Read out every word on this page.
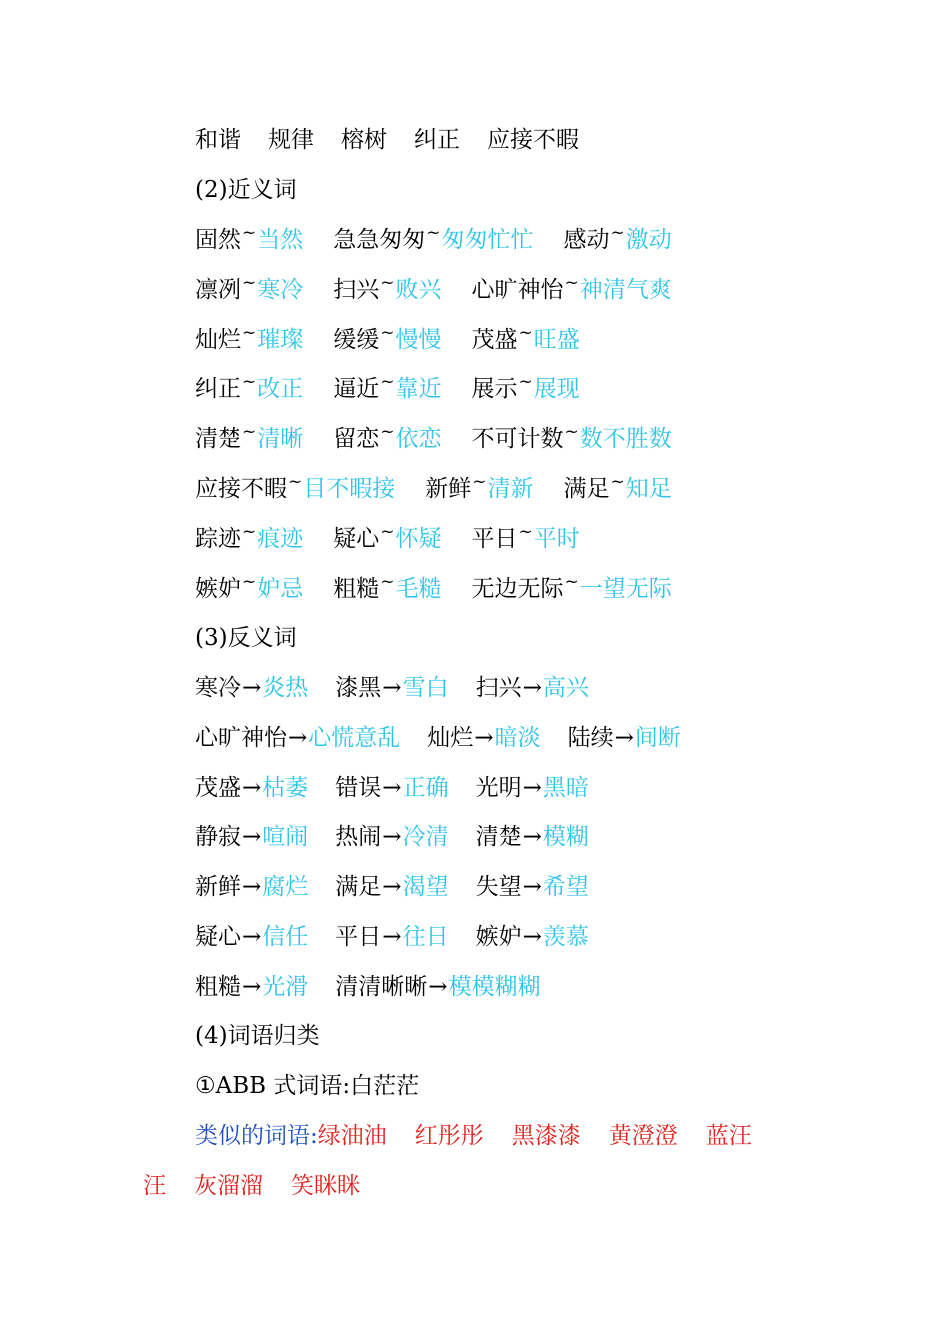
和谐 规律 榕树 纠正 应接不暇
(2)近义词
固然~当然 急急匆匆~匆匆忙忙 感动~激动
凛冽~寒冷 扫兴~败兴 心旷神怡~神清气爽
灿烂~璀璨 缓缓~慢慢 茂盛~旺盛
纠正~改正 逼近~靠近 展示~展现
清楚~清晰 留恋~依恋 不可计数~数不胜数
应接不暇~目不暇接 新鲜~清新 满足~知足
踪迹~痕迹 疑心~怀疑 平日~平时
嫉妒~妒忌 粗糙~毛糙 无边无际~一望无际
(3)反义词
寒冷→炎热 漆黑→雪白 扫兴→高兴
心旷神怡→心慌意乱 灿烂→暗淡 陆续→间断
茂盛→枯萎 错误→正确 光明→黑暗
静寂→喧闹 热闹→冷清 清楚→模糊
新鲜→腐烂 满足→渴望 失望→希望
疑心→信任 平日→往日 嫉妒→羡慕
粗糙→光滑 清清晰晰→模模糊糊
(4)词语归类
①ABB 式词语:白茫茫
类似的词语:绿油油 红彤彤 黑漆漆 黄澄澄 蓝汪
汪 灰溜溜 笑眯眯
